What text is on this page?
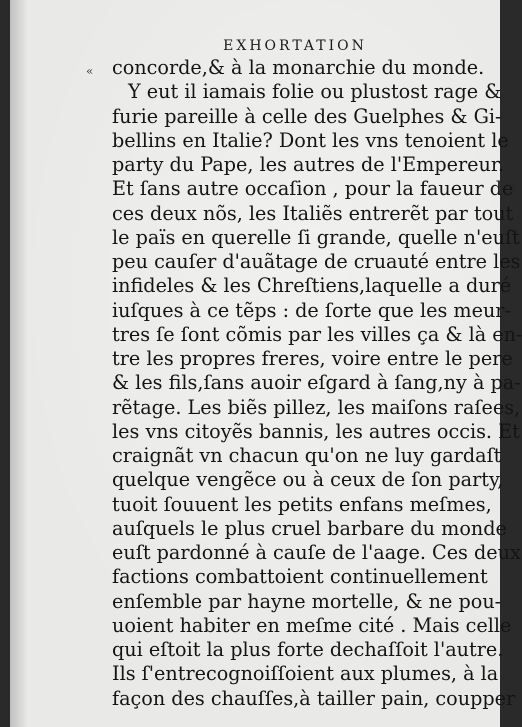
EXHORTATION
« concorde,& à la monarchie du monde.
Y eut il iamais folie ou plustost rage &
furie pareille à celle des Guelphes & Gi-
bellins en Italie? Dont les vns tenoient le
party du Pape, les autres de l'Empereur.
Et ſans autre occaſion , pour la faueur de
ces deux nõs, les Italiẽs entrerẽt par tout
le païs en querelle ſi grande, quelle n'euſt
peu cauſer d'auãtage de cruauté entre les
infideles & les Chreſtiens,laquelle a duré
iuſques à ce tẽps : de ſorte que les meur-
tres ſe ſont cõmis par les villes ça & là en-
tre les propres freres, voire entre le pere
& les fils,ſans auoir eſgard à ſang,ny à pa-
rẽtage. Les biẽs pillez, les maiſons raſees,
les vns citoyẽs bannis, les autres occis. Et
craignãt vn chacun qu'on ne luy gardaſt
quelque vengẽce ou à ceux de ſon party,
tuoit ſouuent les petits enfans meſmes,
auſquels le plus cruel barbare du monde
euſt pardonné à cauſe de l'aage. Ces deux
factions combattoient continuellement
enſemble par hayne mortelle, & ne pou-
uoient habiter en meſme cité . Mais celle
qui eſtoit la plus forte dechaſſoit l'autre.
Ils ſ'entrecognoiſſoient aux plumes, à la
façon des chauſſes,à tailler pain, coupper
